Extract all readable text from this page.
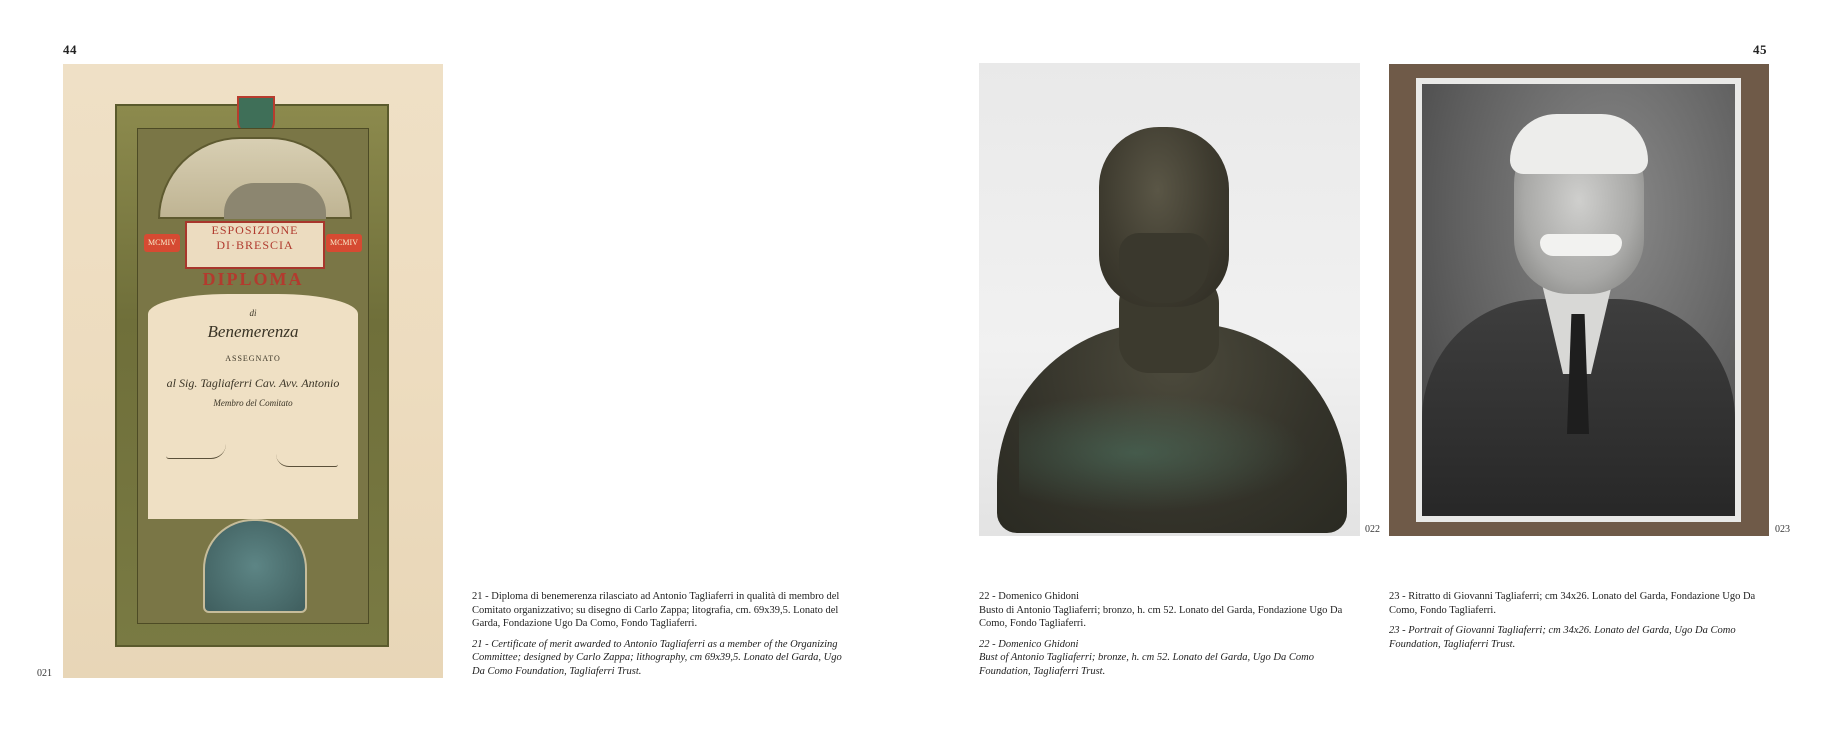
44	45
ESPOSIZIONE
DI·BRESCIA
MCMIV	MCMIV
DIPLOMA
di
Benemerenza
ASSEGNATO
al Sig. Tagliaferri Cav. Avv. Antonio
Membro del Comitato
021

21 - Diploma di benemerenza rilasciato ad Antonio Tagliaferri in qualità di membro del Comitato organizzativo; su disegno di Carlo Zappa; litografia, cm. 69x39,5. Lonato del Garda, Fondazione Ugo Da Como, Fondo Tagliaferri.

21 - Certificate of merit awarded to Antonio Tagliaferri as a member of the Organizing Committee; designed by Carlo Zappa; lithography, cm 69x39,5. Lonato del Garda, Ugo Da Como Foundation, Tagliaferri Trust.

022

22 - Domenico Ghidoni
Busto di Antonio Tagliaferri; bronzo, h. cm 52. Lonato del Garda, Fondazione Ugo Da Como, Fondo Tagliaferri.

22 - Domenico Ghidoni
Bust of Antonio Tagliaferri; bronze, h. cm 52. Lonato del Garda, Ugo Da Como Foundation, Tagliaferri Trust.

023

23 - Ritratto di Giovanni Tagliaferri; cm 34x26. Lonato del Garda, Fondazione Ugo Da Como, Fondo Tagliaferri.

23 - Portrait of Giovanni Tagliaferri; cm 34x26. Lonato del Garda, Ugo Da Como Foundation, Tagliaferri Trust.
